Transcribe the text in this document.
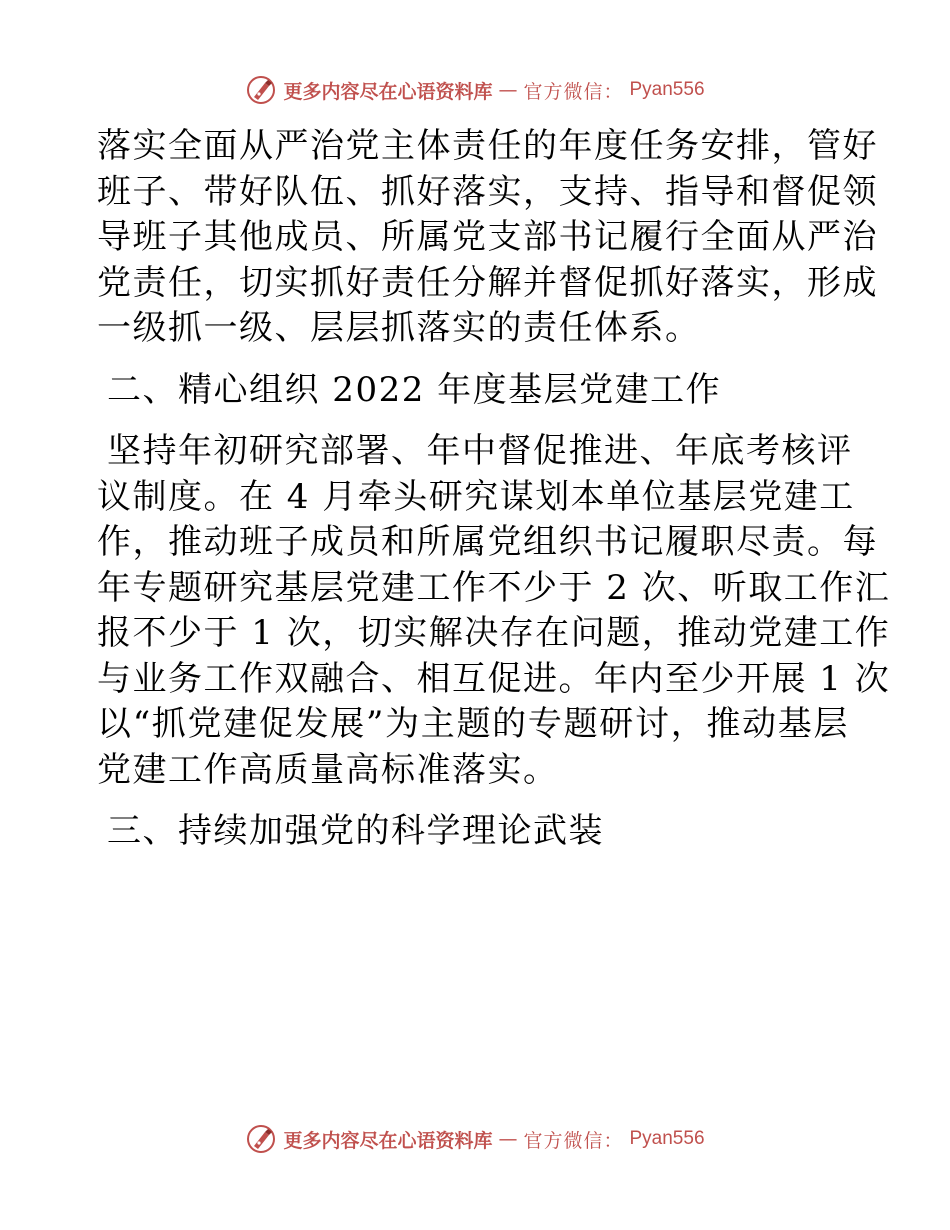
更多内容尽在心语资料库 — 官方微信： Pyan556
落实全面从严治党主体责任的年度任务安排，管好
班子、带好队伍、抓好落实，支持、指导和督促领
导班子其他成员、所属党支部书记履行全面从严治
党责任，切实抓好责任分解并督促抓好落实，形成
一级抓一级、层层抓落实的责任体系。
二、精心组织 2022 年度基层党建工作
坚持年初研究部署、年中督促推进、年底考核评
议制度。在 4 月牵头研究谋划本单位基层党建工
作，推动班子成员和所属党组织书记履职尽责。每
年专题研究基层党建工作不少于 2 次、听取工作汇
报不少于 1 次，切实解决存在问题，推动党建工作
与业务工作双融合、相互促进。年内至少开展 1 次
以“抓党建促发展”为主题的专题研讨，推动基层
党建工作高质量高标准落实。
三、持续加强党的科学理论武装
更多内容尽在心语资料库 — 官方微信： Pyan556
